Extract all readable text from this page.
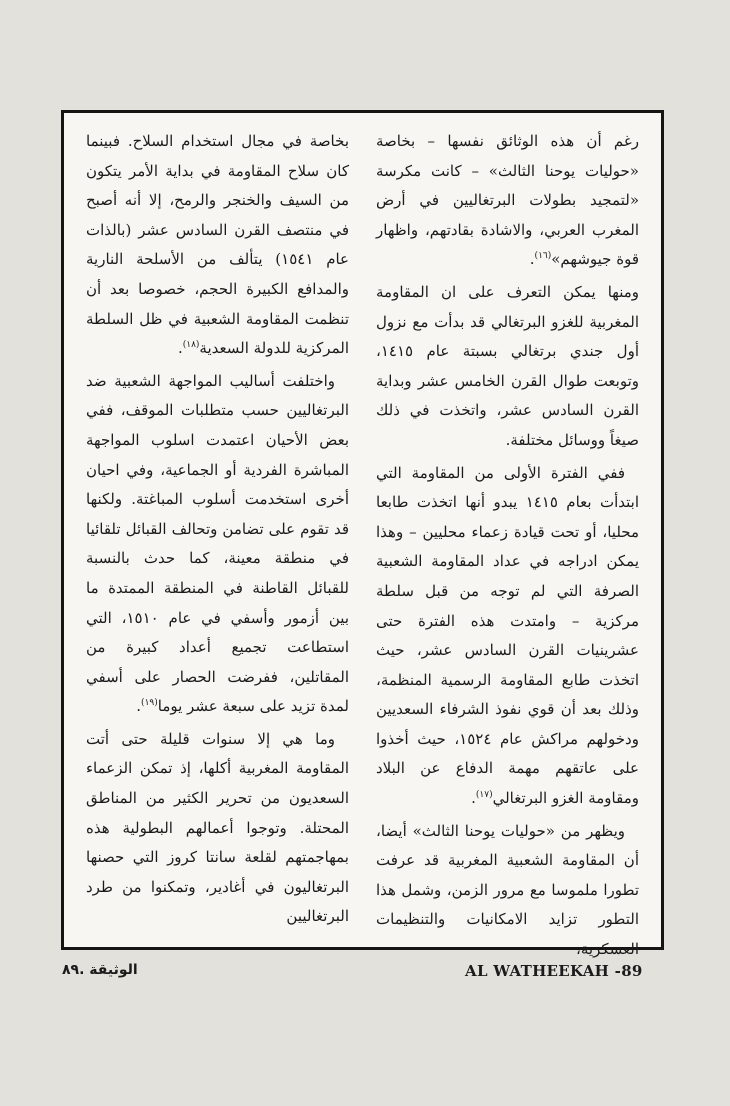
رغم أن هذه الوثائق نفسها – بخاصة «حوليات يوحنا الثالث» – كانت مكرسة «لتمجيد بطولات البرتغاليين في أرض المغرب العربي، والاشادة بقادتهم، واظهار قوة جيوشهم»$^{(١٦)}$.

ومنها يمكن التعرف على ان المقاومة المغربية للغزو البرتغالي قد بدأت مع نزول أول جندي برتغالي بسبتة عام ١٤١٥، وتوبعت طوال القرن الخامس عشر وبداية القرن السادس عشر، واتخذت في ذلك صيغاً ووسائل مختلفة.

ففي الفترة الأولى من المقاومة التي ابتدأت بعام ١٤١٥ يبدو أنها اتخذت طابعا محليا، أو تحت قيادة زعماء محليين – وهذا يمكن ادراجه في عداد المقاومة الشعبية الصرفة التي لم توجه من قبل سلطة مركزية – وامتدت هذه الفترة حتى عشرينيات القرن السادس عشر، حيث اتخذت طابع المقاومة الرسمية المنظمة، وذلك بعد أن قوي نفوذ الشرفاء السعديين ودخولهم مراكش عام ١٥٢٤، حيث أخذوا على عاتقهم مهمة الدفاع عن البلاد ومقاومة الغزو البرتغالي$^{(١٧)}$.

ويظهر من «حوليات يوحنا الثالث» أيضا، أن المقاومة الشعبية المغربية قد عرفت تطورا ملموسا مع مرور الزمن، وشمل هذا التطور تزايد الامكانيات والتنظيمات العسكرية،

بخاصة في مجال استخدام السلاح. فبينما كان سلاح المقاومة في بداية الأمر يتكون من السيف والخنجر والرمح، إلا أنه أصبح في منتصف القرن السادس عشر (بالذات عام ١٥٤١) يتألف من الأسلحة النارية والمدافع الكبيرة الحجم، خصوصا بعد أن تنظمت المقاومة الشعبية في ظل السلطة المركزية للدولة السعدية$^{(١٨)}$.

واختلفت أساليب المواجهة الشعبية ضد البرتغاليين حسب متطلبات الموقف، ففي بعض الأحيان اعتمدت اسلوب المواجهة المباشرة الفردية أو الجماعية، وفي احيان أخرى استخدمت أسلوب المباغتة. ولكنها قد تقوم على تضامن وتحالف القبائل تلقائيا في منطقة معينة، كما حدث بالنسبة للقبائل القاطنة في المنطقة الممتدة ما بين أزمور وأسفي في عام ١٥١٠، التي استطاعت تجميع أعداد كبيرة من المقاتلين، ففرضت الحصار على أسفي لمدة تزيد على سبعة عشر يوما$^{(١٩)}$.

وما هي إلا سنوات قليلة حتى أتت المقاومة المغربية أكلها، إذ تمكن الزعماء السعديون من تحرير الكثير من المناطق المحتلة. وتوجوا أعمالهم البطولية هذه بمهاجمتهم لقلعة سانتا كروز التي حصنها البرتغاليون في أغادير، وتمكنوا من طرد البرتغاليين

AL WATHEEKAH -89
الوثيقة .٨٩
